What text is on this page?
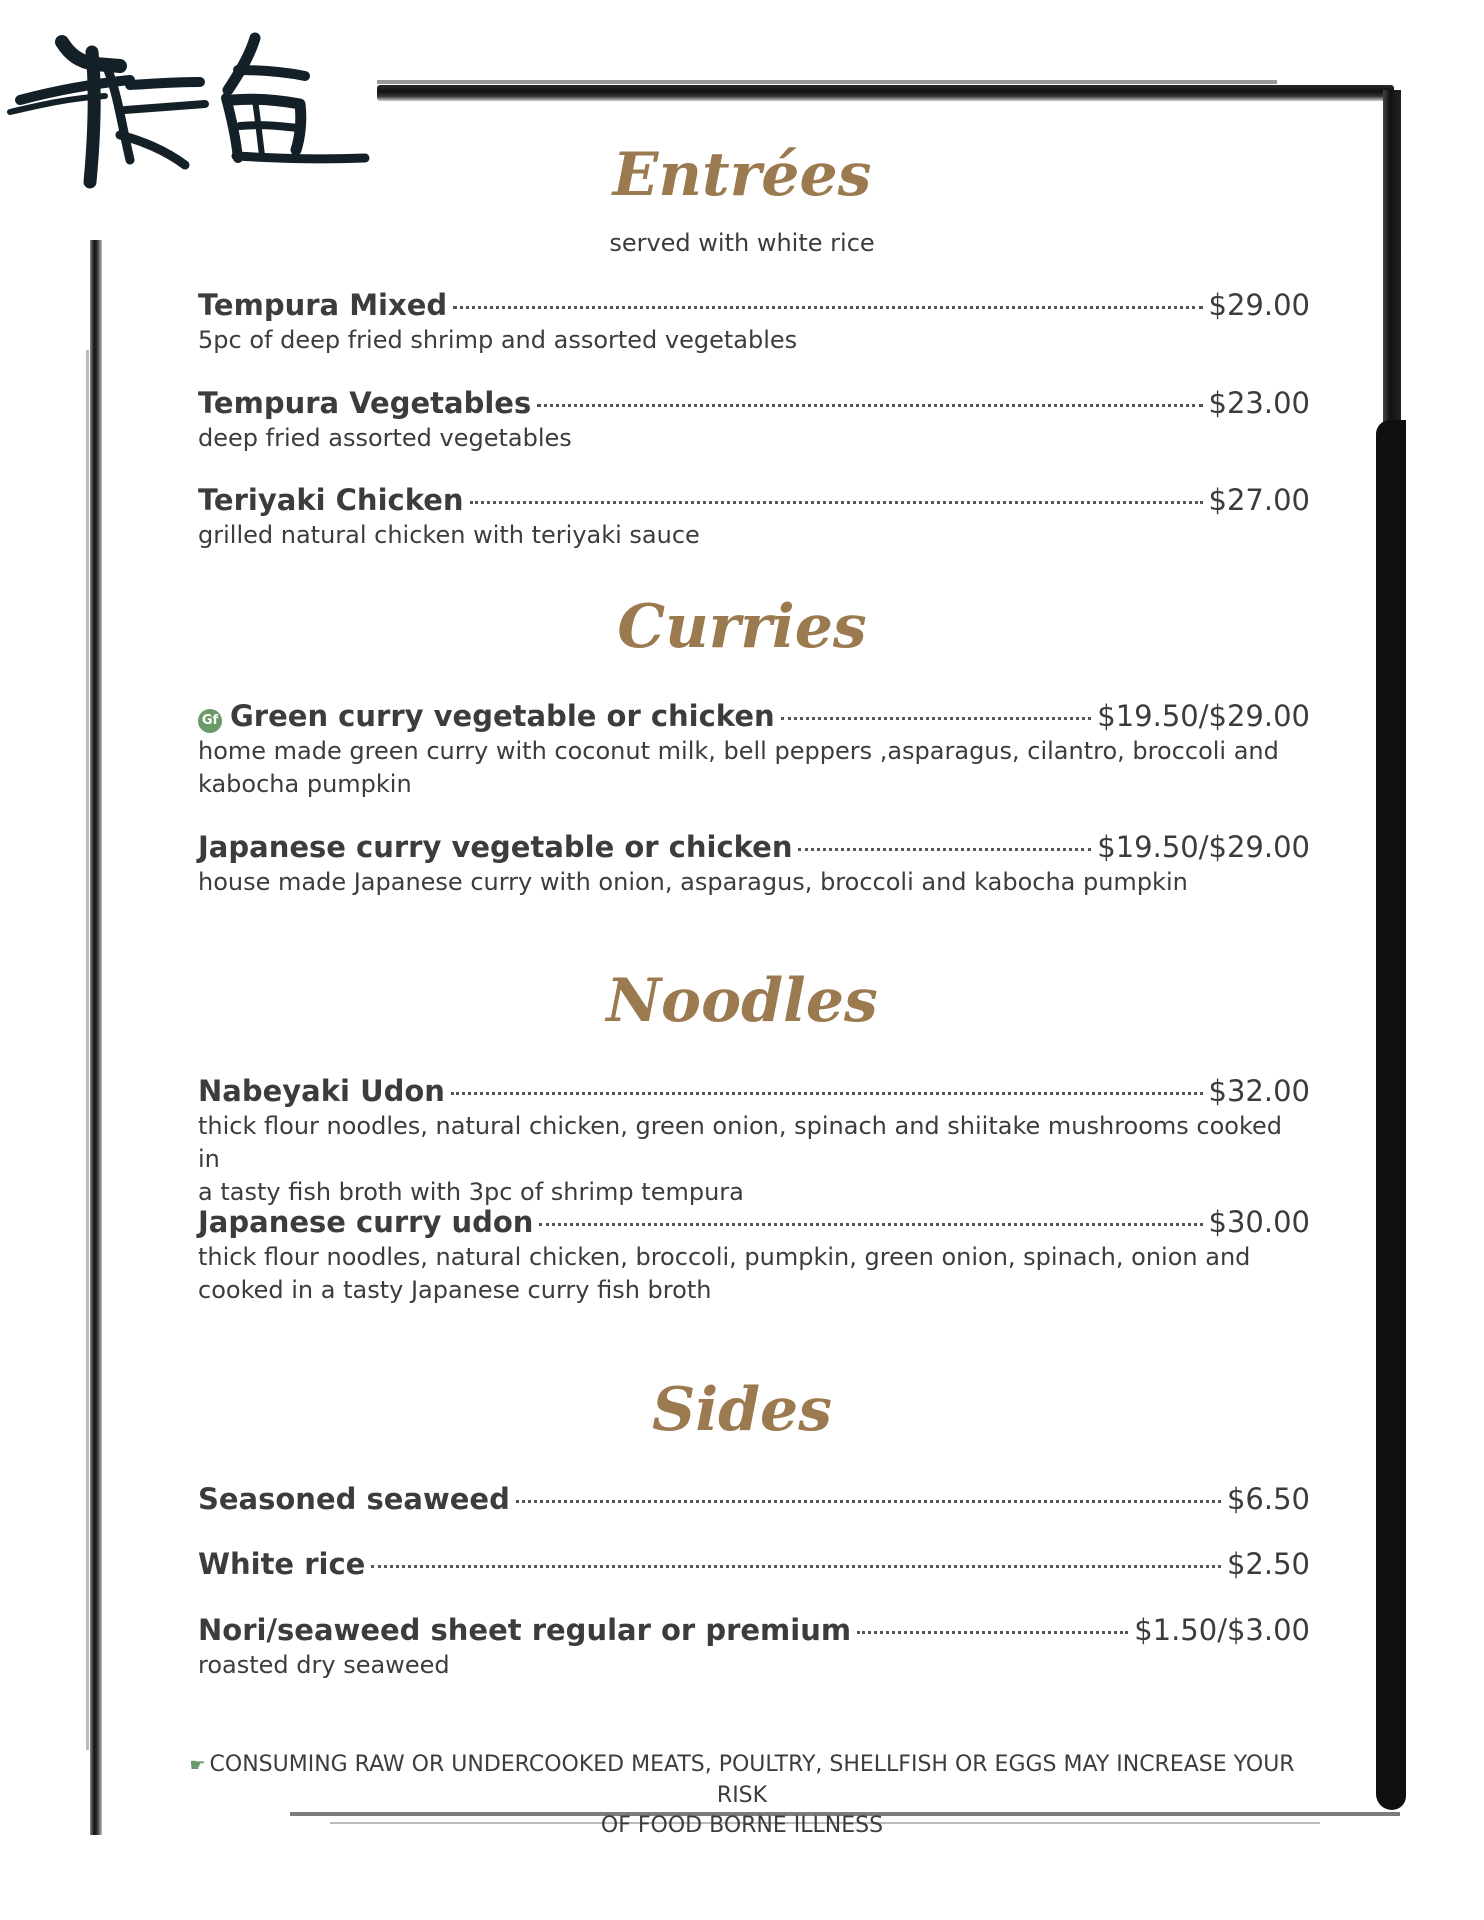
Entrées
served with white rice
Tempura Mixed	$29.00
5pc of deep fried shrimp and assorted vegetables
Tempura Vegetables	$23.00
deep fried assorted vegetables
Teriyaki Chicken	$27.00
grilled natural chicken with teriyaki sauce
Curries
Gf Green curry vegetable or chicken	$19.50/$29.00
home made green curry with coconut milk, bell peppers ,asparagus, cilantro, broccoli and
kabocha pumpkin
Japanese curry vegetable or chicken	$19.50/$29.00
house made Japanese curry with onion, asparagus, broccoli and kabocha pumpkin
Noodles
Nabeyaki Udon	$32.00
thick flour noodles, natural chicken, green onion, spinach and shiitake mushrooms cooked in
a tasty fish broth with 3pc of shrimp tempura
Japanese curry udon	$30.00
thick flour noodles, natural chicken, broccoli, pumpkin, green onion, spinach, onion and
cooked in a tasty Japanese curry fish broth
Sides
Seasoned seaweed	$6.50
White rice	$2.50
Nori/seaweed sheet regular or premium	$1.50/$3.00
roasted dry seaweed
☛ CONSUMING RAW OR UNDERCOOKED MEATS, POULTRY, SHELLFISH OR EGGS MAY INCREASE YOUR RISK
OF FOOD BORNE ILLNESS
